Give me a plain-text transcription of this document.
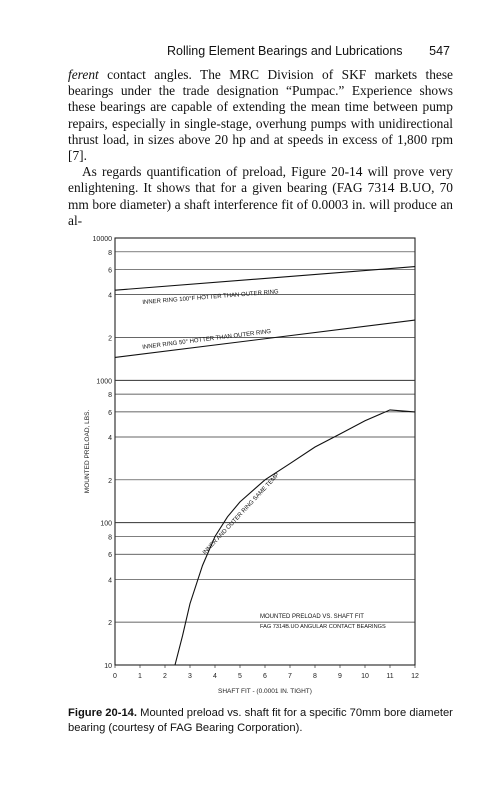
Rolling Element Bearings and Lubrications 547

ferent contact angles. The MRC Division of SKF markets these bearings under the trade designation “Pumpac.” Experience shows these bearings are capable of extending the mean time between pump repairs, especially in single-stage, overhung pumps with unidirectional thrust load, in sizes above 20 hp and at speeds in excess of 1,800 rpm [7].

As regards quantification of preload, Figure 20-14 will prove very enlightening. It shows that for a given bearing (FAG 7314 B.UO, 70 mm bore diameter) a shaft interference fit of 0.0003 in. will produce an al-

10
2
4
6
8
100
2
4
6
8
1000
2
4
6
8
10000
0	1	2	3	4	5	6	7	8	9	10 11 12
SHAFT FIT - (0.0001 IN. TIGHT)
MOUNTED PRELOAD, LBS.
INNER RING 100°F HOTTER THAN OUTER RING
INNER RING 50° HOTTER THAN OUTER RING
INNER AND OUTER RING SAME TEMP
MOUNTED PRELOAD VS. SHAFT FIT
FAG 7314B.UO ANGULAR CONTACT BEARINGS
Figure 20-14. Mounted preload vs. shaft fit for a specific 70mm bore diameter bearing (courtesy of FAG Bearing Corporation).
